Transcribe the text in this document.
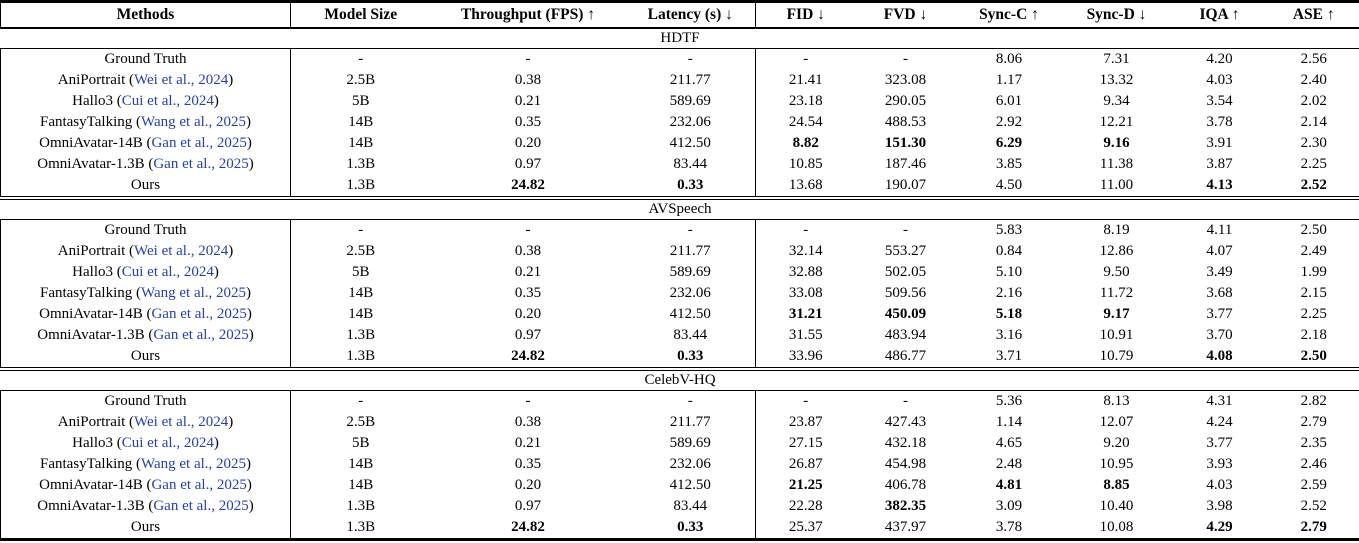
Methods	Model Size	Throughput (FPS) ↑	Latency (s) ↓	FID ↓	FVD ↓	Sync-C ↑	Sync-D ↓	IQA ↑	ASE ↑
HDTF									
Ground Truth	-	-	-	-	-	8.06	7.31	4.20	2.56
AniPortrait (Wei et al., 2024)	2.5B	0.38	211.77	21.41	323.08	1.17	13.32	4.03	2.40
Hallo3 (Cui et al., 2024)	5B	0.21	589.69	23.18	290.05	6.01	9.34	3.54	2.02
FantasyTalking (Wang et al., 2025)	14B	0.35	232.06	24.54	488.53	2.92	12.21	3.78	2.14
OmniAvatar-14B (Gan et al., 2025)	14B	0.20	412.50	8.82	151.30	6.29	9.16	3.91	2.30
OmniAvatar-1.3B (Gan et al., 2025)	1.3B	0.97	83.44	10.85	187.46	3.85	11.38	3.87	2.25
Ours	1.3B	24.82	0.33	13.68	190.07	4.50	11.00	4.13	2.52
AVSpeech									
Ground Truth	-	-	-	-	-	5.83	8.19	4.11	2.50
AniPortrait (Wei et al., 2024)	2.5B	0.38	211.77	32.14	553.27	0.84	12.86	4.07	2.49
Hallo3 (Cui et al., 2024)	5B	0.21	589.69	32.88	502.05	5.10	9.50	3.49	1.99
FantasyTalking (Wang et al., 2025)	14B	0.35	232.06	33.08	509.56	2.16	11.72	3.68	2.15
OmniAvatar-14B (Gan et al., 2025)	14B	0.20	412.50	31.21	450.09	5.18	9.17	3.77	2.25
OmniAvatar-1.3B (Gan et al., 2025)	1.3B	0.97	83.44	31.55	483.94	3.16	10.91	3.70	2.18
Ours	1.3B	24.82	0.33	33.96	486.77	3.71	10.79	4.08	2.50
CelebV-HQ									
Ground Truth	-	-	-	-	-	5.36	8.13	4.31	2.82
AniPortrait (Wei et al., 2024)	2.5B	0.38	211.77	23.87	427.43	1.14	12.07	4.24	2.79
Hallo3 (Cui et al., 2024)	5B	0.21	589.69	27.15	432.18	4.65	9.20	3.77	2.35
FantasyTalking (Wang et al., 2025)	14B	0.35	232.06	26.87	454.98	2.48	10.95	3.93	2.46
OmniAvatar-14B (Gan et al., 2025)	14B	0.20	412.50	21.25	406.78	4.81	8.85	4.03	2.59
OmniAvatar-1.3B (Gan et al., 2025)	1.3B	0.97	83.44	22.28	382.35	3.09	10.40	3.98	2.52
Ours	1.3B	24.82	0.33	25.37	437.97	3.78	10.08	4.29	2.79
